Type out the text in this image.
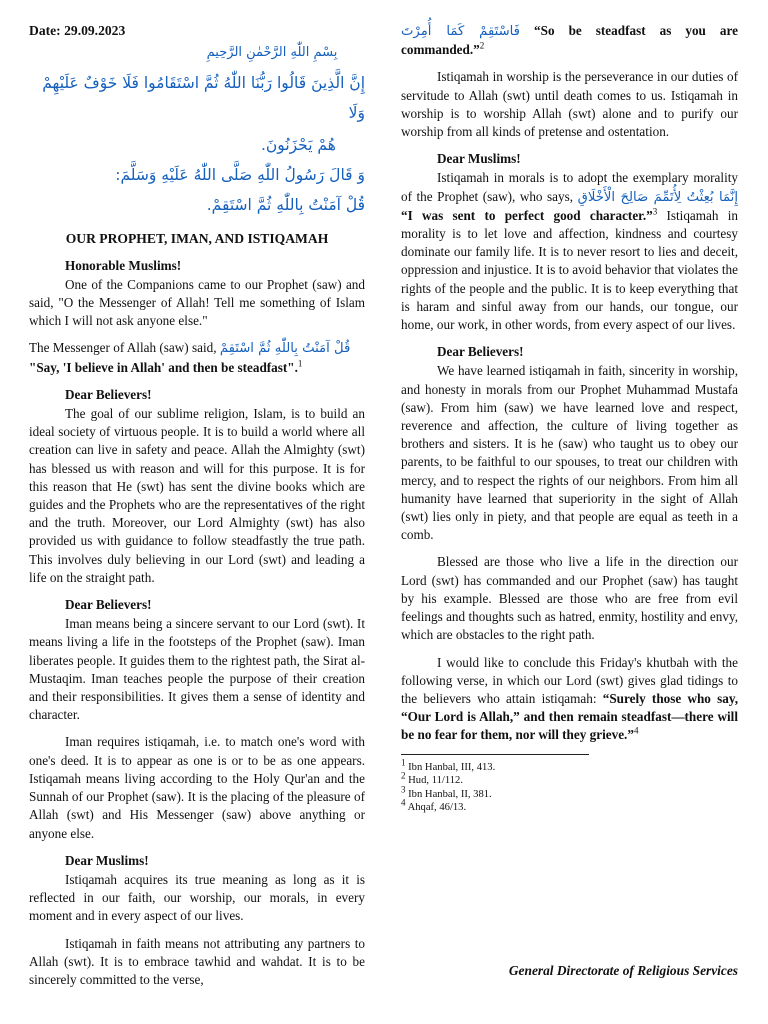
Date: 29.09.2023
بِسْمِ اللّٰهِ الرَّحْمٰنِ الرَّحِيمِ

إِنَّ الَّذِينَ قَالُوا رَبُّنَا اللّٰهُ ثُمَّ اسْتَقَامُوا فَلَا خَوْفٌ عَلَيْهِمْ وَلَا

هُمْ يَحْزَنُونَ.

وَ قَالَ رَسُولُ اللّٰهِ صَلَّى اللّٰهُ عَلَيْهِ وَسَلَّمَ:

قُلْ آمَنْتُ بِاللّٰهِ ثُمَّ اسْتَقِمْ.

OUR PROPHET, IMAN, AND ISTIQAMAH
Honorable Muslims!

One of the Companions came to our Prophet (saw) and said, "O the Messenger of Allah! Tell me something of Islam which I will not ask anyone else."

The Messenger of Allah (saw) said, قُلْ آمَنْتُ بِاللّٰهِ ثُمَّ اسْتَقِمْ
"Say, 'I believe in Allah' and then be steadfast".$^1$

Dear Believers!

The goal of our sublime religion, Islam, is to build an ideal society of virtuous people. It is to build a world where all creation can live in safety and peace. Allah the Almighty (swt) has blessed us with reason and will for this purpose. It is for this reason that He (swt) has sent the divine books which are guides and the Prophets who are the representatives of the right and the truth. Moreover, our Lord Almighty (swt) has also provided us with guidance to follow steadfastly the true path. This involves duly believing in our Lord (swt) and leading a life on the straight path.

Dear Believers!

Iman means being a sincere servant to our Lord (swt). It means living a life in the footsteps of the Prophet (saw). Iman liberates people. It guides them to the rightest path, the Sirat al-Mustaqim. Iman teaches people the purpose of their creation and their responsibilities. It gives them a sense of identity and character.

Iman requires istiqamah, i.e. to match one's word with one's deed. It is to appear as one is or to be as one appears. Istiqamah means living according to the Holy Qur'an and the Sunnah of our Prophet (saw). It is the placing of the pleasure of Allah (swt) and His Messenger (saw) above anything or anyone else.

Dear Muslims!

Istiqamah acquires its true meaning as long as it is reflected in our faith, our worship, our morals, in every moment and in every aspect of our lives.

Istiqamah in faith means not attributing any partners to Allah (swt). It is to embrace tawhid and wahdat. It is to be sincerely committed to the verse,

فَاسْتَقِمْ كَمَا أُمِرْتَ “So be steadfast as you are commanded.”$^2$

Istiqamah in worship is the perseverance in our duties of servitude to Allah (swt) until death comes to us. Istiqamah in worship is to worship Allah (swt) alone and to purify our worship from all kinds of pretense and ostentation.

Dear Muslims!

Istiqamah in morals is to adopt the exemplary morality of the Prophet (saw), who says, إِنَّمَا بُعِثْتُ لِأُتَمِّمَ صَالِحَ الْأَخْلَاقِ “I was sent to perfect good character.”$^3$ Istiqamah in morality is to let love and affection, kindness and courtesy dominate our family life. It is to never resort to lies and deceit, oppression and injustice. It is to avoid behavior that violates the rights of the people and the public. It is to keep everything that is haram and sinful away from our hands, our tongue, our home, our work, in other words, from every aspect of our lives.

Dear Believers!

We have learned istiqamah in faith, sincerity in worship, and honesty in morals from our Prophet Muhammad Mustafa (saw). From him (saw) we have learned love and respect, reverence and affection, the culture of living together as brothers and sisters. It is he (saw) who taught us to obey our parents, to be faithful to our spouses, to treat our children with mercy, and to respect the rights of our neighbors. From him all humanity have learned that superiority in the sight of Allah (swt) lies only in piety, and that people are equal as teeth in a comb.

Blessed are those who live a life in the direction our Lord (swt) has commanded and our Prophet (saw) has taught by his example. Blessed are those who are free from evil feelings and thoughts such as hatred, enmity, hostility and envy, which are obstacles to the right path.

I would like to conclude this Friday's khutbah with the following verse, in which our Lord (swt) gives glad tidings to the believers who attain istiqamah: “Surely those who say, “Our Lord is Allah,” and then remain steadfast—there will be no fear for them, nor will they grieve.”$^4$

$^1$ Ibn Hanbal, III, 413.
$^2$ Hud, 11/112.
$^3$ Ibn Hanbal, II, 381.
$^4$ Ahqaf, 46/13.
General Directorate of Religious Services
